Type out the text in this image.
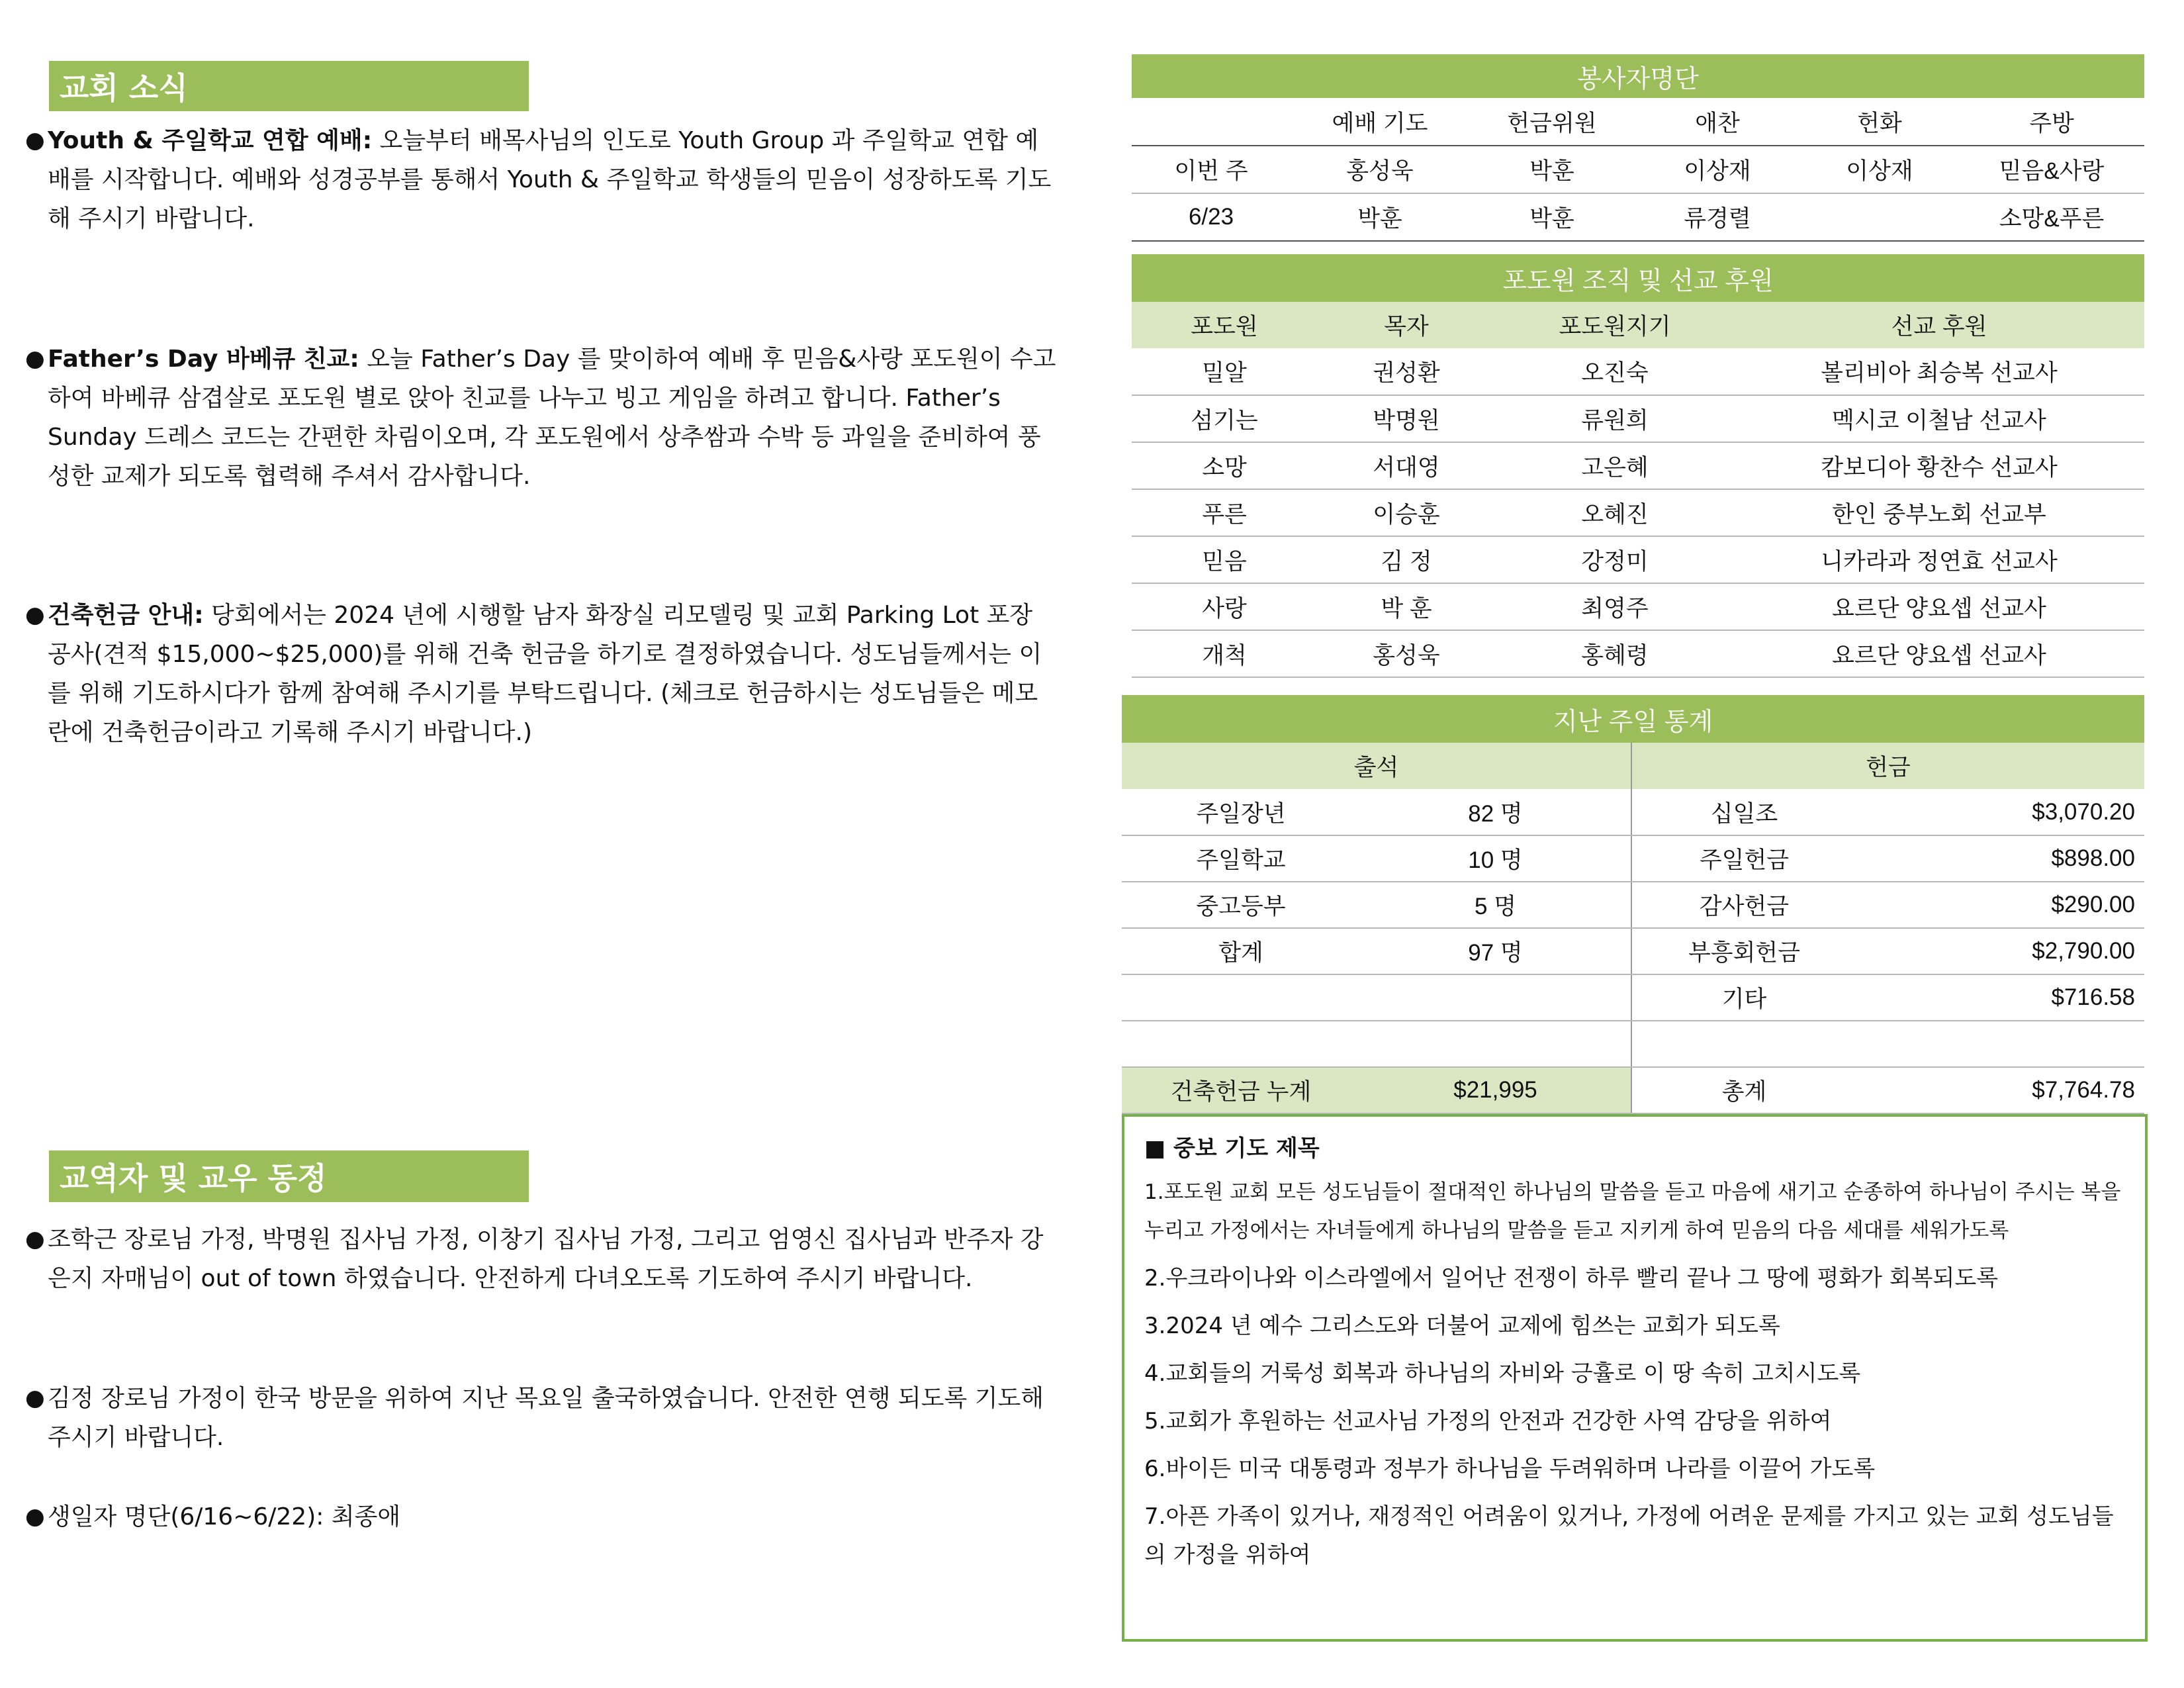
교회 소식
● Youth & 주일학교 연합 예배: 오늘부터 배목사님의 인도로 Youth Group 과 주일학교 연합 예배를 시작합니다. 예배와 성경공부를 통해서 Youth & 주일학교 학생들의 믿음이 성장하도록 기도해 주시기 바랍니다.
● Father’s Day 바베큐 친교: 오늘 Father’s Day 를 맞이하여 예배 후 믿음&사랑 포도원이 수고하여 바베큐 삼겹살로 포도원 별로 앉아 친교를 나누고 빙고 게임을 하려고 합니다. Father’s Sunday 드레스 코드는 간편한 차림이오며, 각 포도원에서 상추쌈과 수박 등 과일을 준비하여 풍성한 교제가 되도록 협력해 주셔서 감사합니다.
● 건축헌금 안내: 당회에서는 2024 년에 시행할 남자 화장실 리모델링 및 교회 Parking Lot 포장 공사(견적 $15,000~$25,000)를 위해 건축 헌금을 하기로 결정하였습니다. 성도님들께서는 이를 위해 기도하시다가 함께 참여해 주시기를 부탁드립니다. (체크로 헌금하시는 성도님들은 메모란에 건축헌금이라고 기록해 주시기 바랍니다.)
교역자 및 교우 동정
● 조학근 장로님 가정, 박명원 집사님 가정, 이창기 집사님 가정, 그리고 엄영신 집사님과 반주자 강은지 자매님이 out of town 하였습니다. 안전하게 다녀오도록 기도하여 주시기 바랍니다.
● 김정 장로님 가정이 한국 방문을 위하여 지난 목요일 출국하였습니다. 안전한 연행 되도록 기도해 주시기 바랍니다.
● 생일자 명단(6/16~6/22): 최종애
봉사자명단					
	예배 기도	헌금위원	애찬	헌화	주방
이번 주	홍성욱	박훈	이상재	이상재	믿음&사랑
6/23	박훈	박훈	류경렬		소망&푸른
포도원 조직 및 선교 후원			
포도원	목자	포도원지기	선교 후원
밀알	권성환	오진숙	볼리비아 최승복 선교사
섬기는	박명원	류원희	멕시코 이철남 선교사
소망	서대영	고은혜	캄보디아 황찬수 선교사
푸른	이승훈	오혜진	한인 중부노회 선교부
믿음	김 정	강정미	니카라과 정연효 선교사
사랑	박 훈	최영주	요르단 양요셉 선교사
개척	홍성욱	홍혜령	요르단 양요셉 선교사
지난 주일 통계			
출석		헌금	
주일장년	82 명	십일조	$3,070.20
주일학교	10 명	주일헌금	$898.00
중고등부	5 명	감사헌금	$290.00
합계	97 명	부흥회헌금	$2,790.00
		기타	$716.58

건축헌금 누계	$21,995	총계	$7,764.78
■ 중보 기도 제목

1.포도원 교회 모든 성도님들이 절대적인 하나님의 말씀을 듣고 마음에 새기고 순종하여 하나님이 주시는 복을 누리고 가정에서는 자녀들에게 하나님의 말씀을 듣고 지키게 하여 믿음의 다음 세대를 세워가도록

2.우크라이나와 이스라엘에서 일어난 전쟁이 하루 빨리 끝나 그 땅에 평화가 회복되도록

3.2024 년 예수 그리스도와 더불어 교제에 힘쓰는 교회가 되도록

4.교회들의 거룩성 회복과 하나님의 자비와 긍휼로 이 땅 속히 고치시도록

5.교회가 후원하는 선교사님 가정의 안전과 건강한 사역 감당을 위하여

6.바이든 미국 대통령과 정부가 하나님을 두려워하며 나라를 이끌어 가도록

7.아픈 가족이 있거나, 재정적인 어려움이 있거나, 가정에 어려운 문제를 가지고 있는 교회 성도님들의 가정을 위하여
